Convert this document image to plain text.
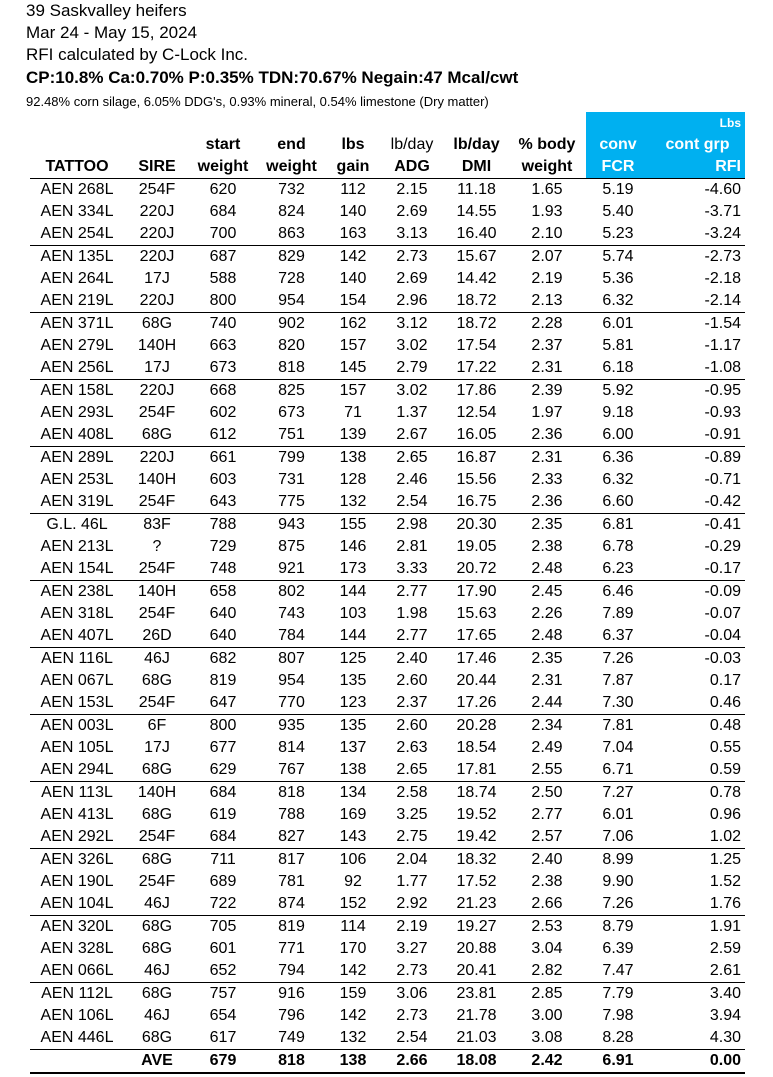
39 Saskvalley heifers
Mar 24 - May 15, 2024
RFI calculated by C-Lock Inc.
CP:10.8% Ca:0.70% P:0.35% TDN:70.67% Negain:47 Mcal/cwt
92.48% corn silage, 6.05% DDG's, 0.93% mineral, 0.54% limestone (Dry matter)
									Lbs
		start	end	lbs	lb/day	lb/day	% body	conv	cont grp
TATTOO	SIRE	weight	weight	gain	ADG	DMI	weight	FCR	RFI
AEN 268L	254F	620	732	112	2.15	11.18	1.65	5.19	-4.60
AEN 334L	220J	684	824	140	2.69	14.55	1.93	5.40	-3.71
AEN 254L	220J	700	863	163	3.13	16.40	2.10	5.23	-3.24
AEN 135L	220J	687	829	142	2.73	15.67	2.07	5.74	-2.73
AEN 264L	17J	588	728	140	2.69	14.42	2.19	5.36	-2.18
AEN 219L	220J	800	954	154	2.96	18.72	2.13	6.32	-2.14
AEN 371L	68G	740	902	162	3.12	18.72	2.28	6.01	-1.54
AEN 279L	140H	663	820	157	3.02	17.54	2.37	5.81	-1.17
AEN 256L	17J	673	818	145	2.79	17.22	2.31	6.18	-1.08
AEN 158L	220J	668	825	157	3.02	17.86	2.39	5.92	-0.95
AEN 293L	254F	602	673	71	1.37	12.54	1.97	9.18	-0.93
AEN 408L	68G	612	751	139	2.67	16.05	2.36	6.00	-0.91
AEN 289L	220J	661	799	138	2.65	16.87	2.31	6.36	-0.89
AEN 253L	140H	603	731	128	2.46	15.56	2.33	6.32	-0.71
AEN 319L	254F	643	775	132	2.54	16.75	2.36	6.60	-0.42
G.L. 46L	83F	788	943	155	2.98	20.30	2.35	6.81	-0.41
AEN 213L	?	729	875	146	2.81	19.05	2.38	6.78	-0.29
AEN 154L	254F	748	921	173	3.33	20.72	2.48	6.23	-0.17
AEN 238L	140H	658	802	144	2.77	17.90	2.45	6.46	-0.09
AEN 318L	254F	640	743	103	1.98	15.63	2.26	7.89	-0.07
AEN 407L	26D	640	784	144	2.77	17.65	2.48	6.37	-0.04
AEN 116L	46J	682	807	125	2.40	17.46	2.35	7.26	-0.03
AEN 067L	68G	819	954	135	2.60	20.44	2.31	7.87	0.17
AEN 153L	254F	647	770	123	2.37	17.26	2.44	7.30	0.46
AEN 003L	6F	800	935	135	2.60	20.28	2.34	7.81	0.48
AEN 105L	17J	677	814	137	2.63	18.54	2.49	7.04	0.55
AEN 294L	68G	629	767	138	2.65	17.81	2.55	6.71	0.59
AEN 113L	140H	684	818	134	2.58	18.74	2.50	7.27	0.78
AEN 413L	68G	619	788	169	3.25	19.52	2.77	6.01	0.96
AEN 292L	254F	684	827	143	2.75	19.42	2.57	7.06	1.02
AEN 326L	68G	711	817	106	2.04	18.32	2.40	8.99	1.25
AEN 190L	254F	689	781	92	1.77	17.52	2.38	9.90	1.52
AEN 104L	46J	722	874	152	2.92	21.23	2.66	7.26	1.76
AEN 320L	68G	705	819	114	2.19	19.27	2.53	8.79	1.91
AEN 328L	68G	601	771	170	3.27	20.88	3.04	6.39	2.59
AEN 066L	46J	652	794	142	2.73	20.41	2.82	7.47	2.61
AEN 112L	68G	757	916	159	3.06	23.81	2.85	7.79	3.40
AEN 106L	46J	654	796	142	2.73	21.78	3.00	7.98	3.94
AEN 446L	68G	617	749	132	2.54	21.03	3.08	8.28	4.30
	AVE	679	818	138	2.66	18.08	2.42	6.91	0.00
